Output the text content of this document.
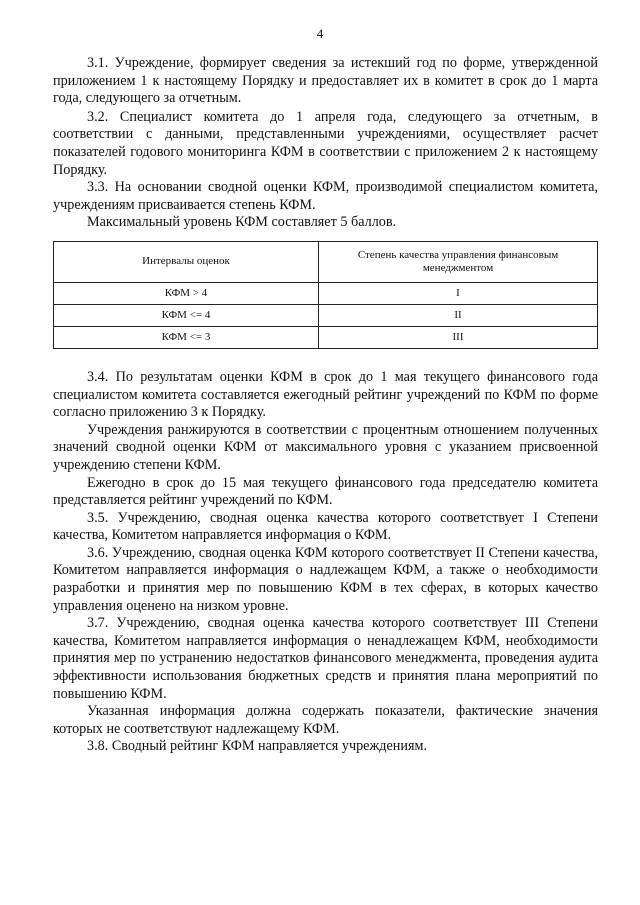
4

3.1. Учреждение, формирует сведения за истекший год по форме, утвержденной приложением 1 к настоящему Порядку и предоставляет их в комитет в срок до 1 марта года, следующего за отчетным.

3.2. Специалист комитета до 1 апреля года, следующего за отчетным, в соответствии с данными, представленными учреждениями, осуществляет расчет показателей годового мониторинга КФМ в соответствии с приложением 2 к настоящему Порядку.

3.3. На основании сводной оценки КФМ, производимой специалистом комитета, учреждениям присваивается степень КФМ.

Максимальный уровень КФМ составляет 5 баллов.

Интервалы оценок	Степень качества управления финансовым менеджментом
КФМ > 4	I
КФМ <= 4	II
КФМ <= 3	III

3.4. По результатам оценки КФМ в срок до 1 мая текущего финансового года специалистом комитета составляется ежегодный рейтинг учреждений по КФМ по форме согласно приложению 3 к Порядку.

Учреждения ранжируются в соответствии с процентным отношением полученных значений сводной оценки КФМ от максимального уровня с указанием присвоенной учреждению степени КФМ.

Ежегодно в срок до 15 мая текущего финансового года председателю комитета представляется рейтинг учреждений по КФМ.

3.5. Учреждению, сводная оценка качества которого соответствует I Степени качества, Комитетом направляется информация о КФМ.

3.6. Учреждению, сводная оценка КФМ которого соответствует II Степени качества, Комитетом направляется информация о надлежащем КФМ, а также о необходимости разработки и принятия мер по повышению КФМ в тех сферах, в которых качество управления оценено на низком уровне.

3.7. Учреждению, сводная оценка качества которого соответствует III Степени качества, Комитетом направляется информация о ненадлежащем КФМ, необходимости принятия мер по устранению недостатков финансового менеджмента, проведения аудита эффективности использования бюджетных средств и принятия плана мероприятий по повышению КФМ.

Указанная информация должна содержать показатели, фактические значения которых не соответствуют надлежащему КФМ.

3.8. Сводный рейтинг КФМ направляется учреждениям.
